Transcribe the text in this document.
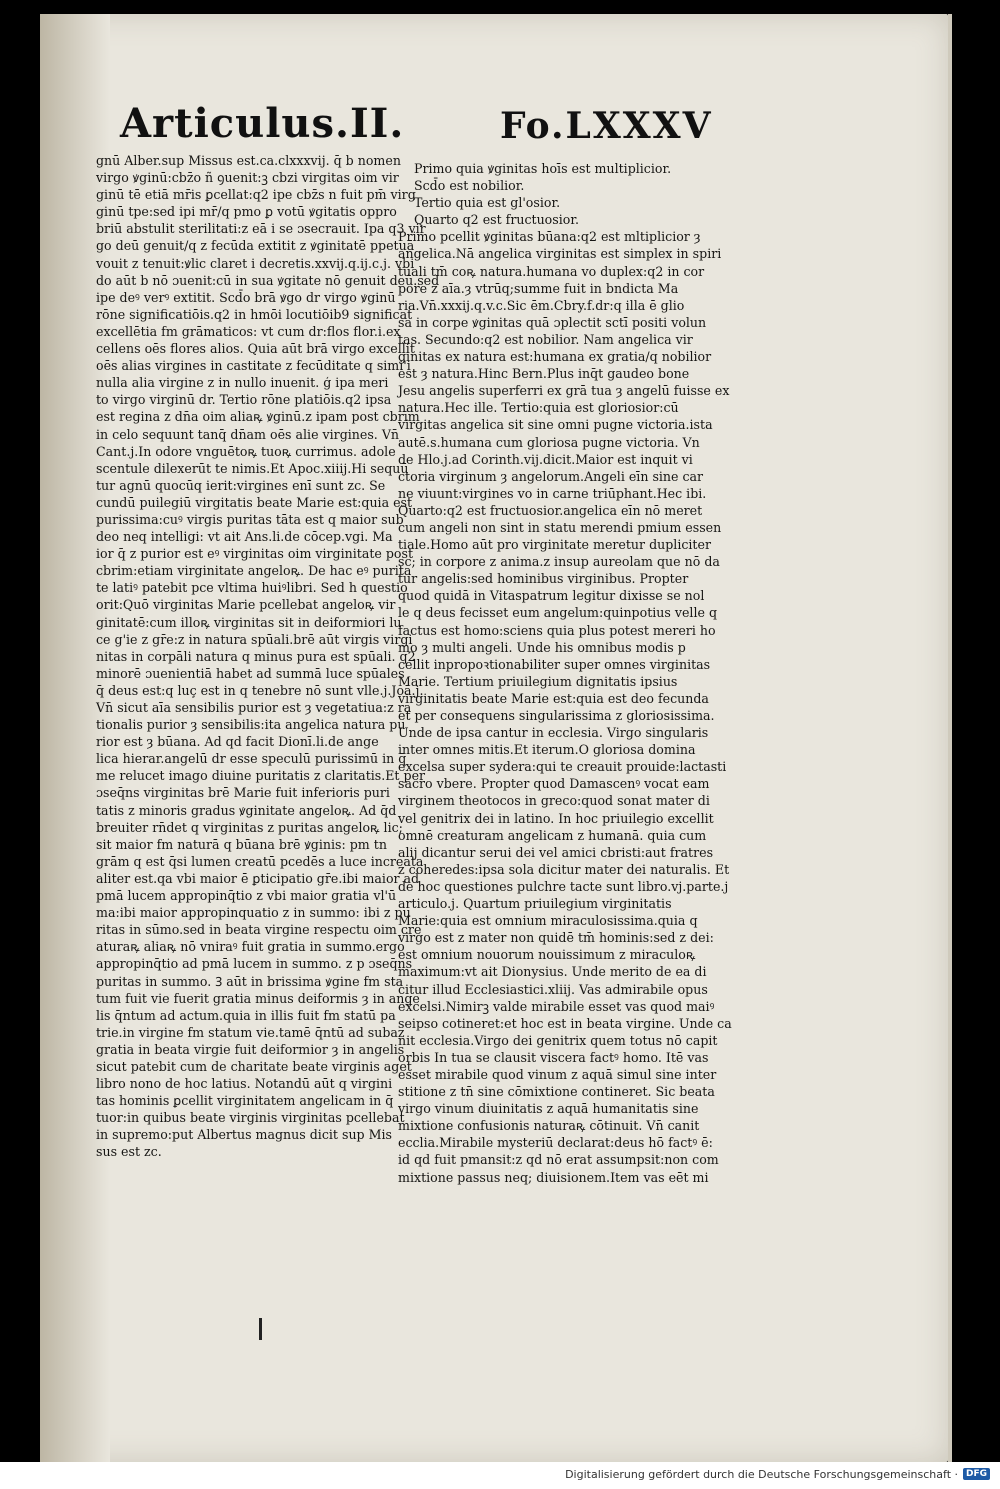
Articulus.II.	Fo.LXXXV
gnū Alber.sup Missus est.ca.clxxxvij. q̄ b nomen
virgo ꝟginū:cbz̄o ñ ꝯuenit:ꝫ cbzi virgitas oim vir
ginū tē etiā mr̄is ꝑcellat:q2 ipe cbz̄s n fuit pm̄ virg
ginū tpe:sed ipi mr̄/q pmo ꝑ votū ꝟgitatis oppro
briū abstulit sterilitati:z eā i se ɔsecrauit. Ipa q3 vir
go deū genuit/q z fecūda extitit z ꝟginitatē ppetuā
vouit z tenuit:ꝟlic claret i decretis.xxvij.q.ij.c.j. vbi
do aūt b nō ɔuenit:cū in sua ꝟgitate nō genuit deū.sed
ipe deꝰ verꝰ extitit. Scd̄o brā ꝟgo dr virgo ꝟginū
rōne significatiōis.q2 in hmōi locutiōib9 significat
excellētia fm grāmaticos: vt cum dr:flos flor.i.ex
cellens oēs flores alios. Quia aūt brā virgo excellit
oēs alias virgines in castitate z fecūditate q simi'i
nulla alia virgine z in nullo inuenit. ģ ipa meri
to virgo virginū dr. Tertio rōne platiōis.q2 ipsa
est regina z dn̄a oim aliaꝶ ꝟginū.z ipam post cbri̅m
in celo sequunt tanq̄ dn̄am oēs alie virgines. Vn̄
Cant.j.In odore vnguētoꝶ tuoꝶ currimus. adole
scentule dilexerūt te nimis.Et Apoc.xiiij.Hi sequū
tur agnū quocūq ierit:virgines enī sunt zc. Se
cundū puilegiū virgitatis beate Marie est:quia est
purissima:cuꝰ virgis puritas tāta est q maior sub
deo neq intelligi: vt ait Ans.li.de cōcep.vgi. Ma
ior q̄ z purior est eꝰ virginitas oim virginitate post
cbrim:etiam virginitate angeloꝶ. De hac eꝰ purita
te latiꝰ patebit pce vltima huiꝰlibri. Sed h questio
orit:Quō virginitas Marie pcellebat angeloꝶ vir
ginitatē:cum illoꝶ virginitas sit in deiformiori lu
ce g'ie z gr̄e:z in natura spūali.brē aūt virgis virgi
nitas in corpāli natura q minus pura est spūali. q2
minorē ɔuenientiā habet ad summā luce spūales
q̄ deus est:q luç est in q tenebre nō sunt vlle.j.Joā.j.
Vn̄ sicut aīa sensibilis purior est ȝ vegetatiua:z ra
tionalis purior ȝ sensibilis:ita angelica natura pu
rior est ȝ būana. Ad qd facit Dionī.li.de ange
lica hierar.angelū dr esse speculū purissimū in q̄
me relucet imago diuine puritatis z claritatis.Et per
ɔseq̄ns virginitas brē Marie fuit inferioris puri
tatis z minoris gradus ꝟginitate angeloꝶ. Ad q̄d
breuiter rn̄det q virginitas z puritas angeloꝶ lic;
sit maior fm naturā q būana brē ꝟginis: pm tn
grām q est q̄si lumen creatū pcedēs a luce increata
aliter est.qa vbi maior ē ꝑticipatio gr̄e.ibi maior ad
pmā lucem appropinq̄tio z vbi maior gratia vl'ū
ma:ibi maior appropinquatio z in summo: ibi z pu
ritas in sūmo.sed in beata virgine respectu oim cre
aturaꝶ aliaꝶ nō vniraꝰ fuit gratia in summo.ergo
appropinq̄tio ad pmā lucem in summo. z p ɔseq̄ns
puritas in summo. Ꝫ aūt in brissima ꝟgine fm sta
tum fuit vie fuerit gratia minus deiformis ȝ in ange
lis q̄ntum ad actum.quia in illis fuit fm statū pa
trie.in virgine fm statum vie.tamē q̄ntū ad subaz
gratia in beata virgie fuit deiformior ȝ in angelis
sicut patebit cum de charitate beate virginis aget
libro nono de hoc latius. Notandū aūt q virgini
tas hominis ꝑcellit virginitatem angelicam in q̄
tuor:in quibus beate virginis virginitas pcellebat
in supremo:put Albertus magnus dicit sup Mis
sus est zc.
Primo quia ꝟginitas hoīs est multiplicior.
Scd̄o est nobilior.
Tertio quia est gl'osior.
Quarto q2 est fructuosior.
Primo pcellit ꝟginitas būana:q2 est mltiplicior ȝ
angelica.Nā angelica virginitas est simplex in spiri
tuali tm̄ coꝶ natura.humana vo duplex:q2 in cor
pore z aīa.ȝ vtrūq;summe fuit in bndicta Ma
ria.Vn̄.xxxij.q.v.c.Sic ēm.Cbry.f.dr:q illa ē glio
sa in corpe ꝟginitas quā ɔplectit sctī positi volun
tas. Secundo:q2 est nobilior. Nam angelica vir
ginitas ex natura est:humana ex gratia/q nobilior
est ȝ natura.Hinc Bern.Plus inq̄t gaudeo bone
Jesu angelis superferri ex grā tua ȝ angelū fuisse ex
natura.Hec ille. Tertio:quia est gloriosior:cū
virgitas angelica sit sine omni pugne victoria.ista
autē.s.humana cum gloriosa pugne victoria. Vn
de Hlo.j.ad Corinth.vij.dicit.Maior est inquit vi
ctoria virginum ȝ angelorum.Angeli eīn sine car
ne viuunt:virgines vo in carne triūphant.Hec ibi.
Quarto:q2 est fructuosior.angelica eīn nō meret
cum angeli non sint in statu merendi pmium essen
tiale.Homo aūt pro virginitate meretur dupliciter
sc; in corpore z anima.z insup aureolam que nō da
tur angelis:sed hominibus virginibus. Propter
quod quidā in Vitaspatrum legitur dixisse se nol
le q deus fecisset eum angelum:quinpotius velle q
factus est homo:sciens quia plus potest mereri ho
mo ȝ multi angeli. Unde his omnibus modis p
cellit inpropoꝛtionabiliter super omnes virginitas
Marie. Tertium priuilegium dignitatis ipsius
virginitatis beate Marie est:quia est deo fecunda
et per consequens singularissima z gloriosissima.
Unde de ipsa cantur in ecclesia. Virgo singularis
inter omnes mitis.Et iterum.O gloriosa domina
excelsa super sydera:qui te creauit prouide:lactasti
sacro vbere. Propter quod Damascenꝰ vocat eam
virginem theotocos in greco:quod sonat mater di
vel genitrix dei in latino. In hoc priuilegio excellit
omnē creaturam angelicam z humanā. quia cum
alij dicantur serui dei vel amici cbristi:aut fratres
z coheredes:ipsa sola dicitur mater dei naturalis. Et
de hoc questiones pulchre tacte sunt libro.vj.parte.j
articulo.j. Quartum priuilegium virginitatis
Marie:quia est omnium miraculosissima.quia q
virgo est z mater non quidē tm̄ hominis:sed z dei:
est omnium nouorum nouissimum z miraculoꝶ
maximum:vt ait Dionysius. Unde merito de ea di
citur illud Ecclesiastici.xliij. Vas admirabile opus
excelsi.Nimirꝫ valde mirabile esset vas quod maiꝰ
seipso cotineret:et hoc est in beata virgine. Unde ca
nit ecclesia.Virgo dei genitrix quem totus nō capit
orbis In tua se clausit viscera factꝰ homo. Itē vas
esset mirabile quod vinum z aquā simul sine inter
stitione z tn̄ sine cōmixtione contineret. Sic beata
virgo vinum diuinitatis z aquā humanitatis sine
mixtione confusionis naturaꝶ cōtinuit. Vn̄ canit
ecclia.Mirabile mysteriū declarat:deus hō factꝰ ē:
id qd fuit pmansit:z qd nō erat assumpsit:non com
mixtione passus neq; diuisionem.Item vas eēt mi
Digitalisierung gefördert durch die Deutsche Forschungsgemeinschaft · DFG
